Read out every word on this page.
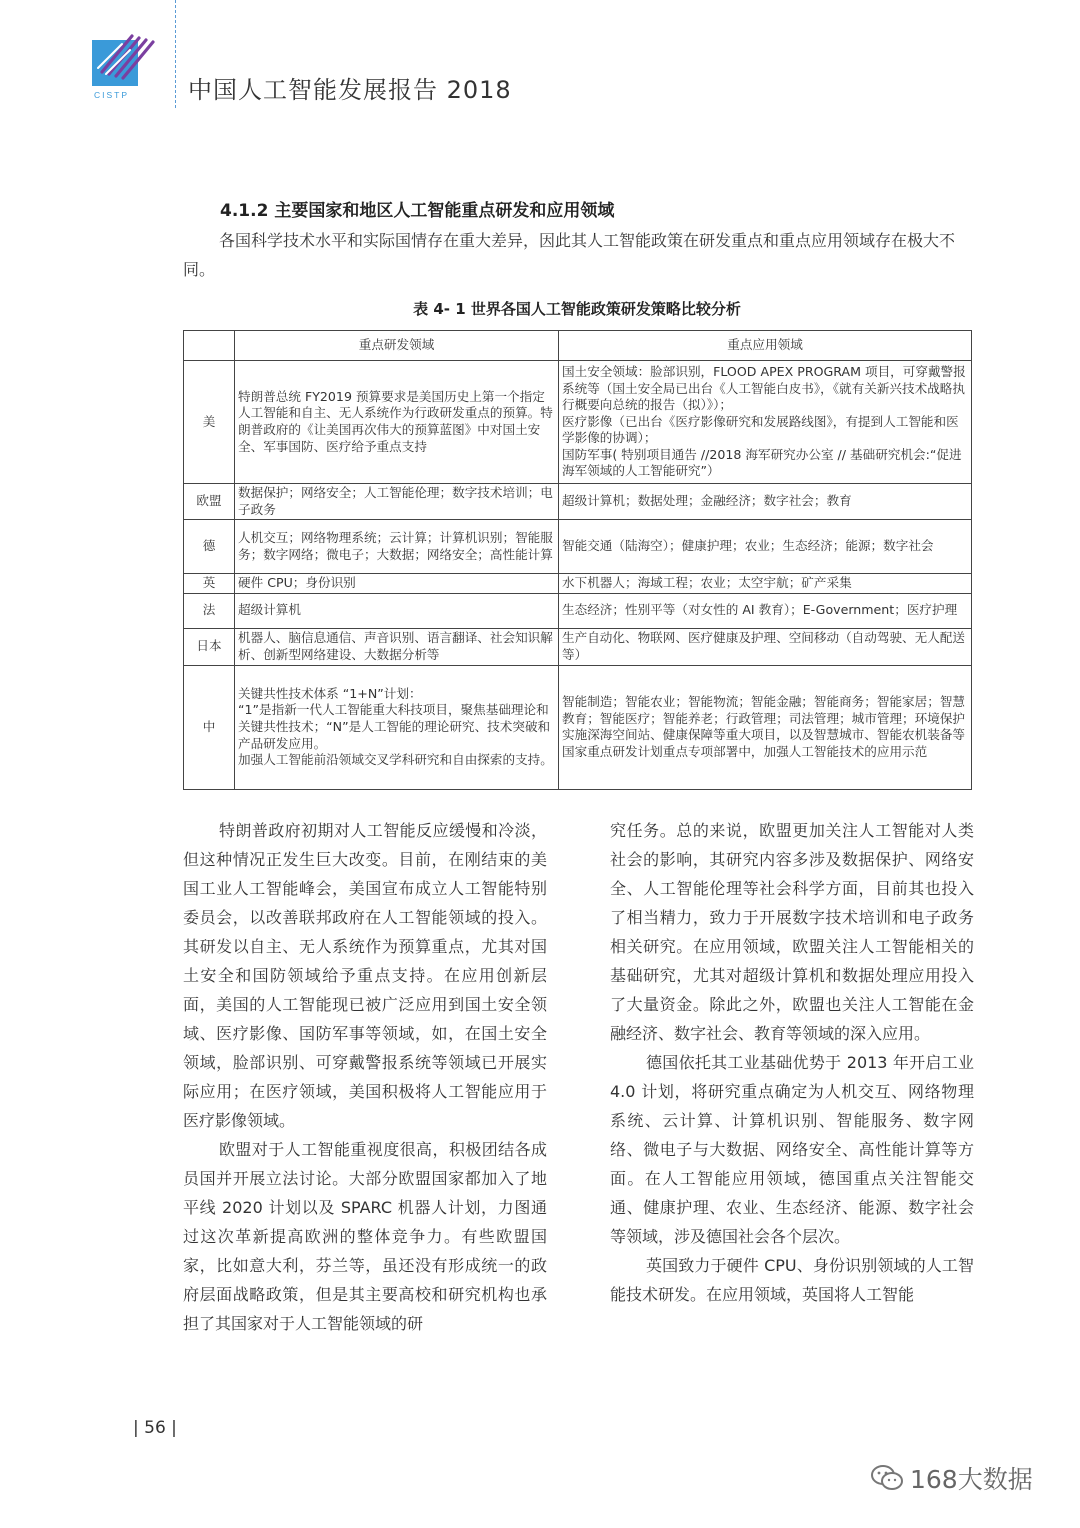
CISTP 中国人工智能发展报告 2018
4.1.2 主要国家和地区人工智能重点研发和应用领域
各国科学技术水平和实际国情存在重大差异，因此其人工智能政策在研发重点和重点应用领域存在极大不同。
表 4- 1 世界各国人工智能政策研发策略比较分析
	重点研发领域	重点应用领域
美	特朗普总统 FY2019 预算要求是美国历史上第一个指定人工智能和自主、无人系统作为行政研发重点的预算。特朗普政府的《让美国再次伟大的预算蓝图》中对国土安全、军事国防、医疗给予重点支持	国土安全领域：脸部识别，FLOOD APEX PROGRAM 项目，可穿戴警报系统等（国土安全局已出台《人工智能白皮书》，《就有关新兴技术战略执行概要向总统的报告（拟）》）；
医疗影像（已出台《医疗影像研究和发展路线图》，有提到人工智能和医学影像的协调）；
国防军事( 特别项目通告 //2018 海军研究办公室 // 基础研究机会:“促进海军领域的人工智能研究”）
欧盟	数据保护；网络安全；人工智能伦理；数字技术培训；电子政务	超级计算机；数据处理；金融经济；数字社会；教育
德	人机交互；网络物理系统；云计算；计算机识别；智能服务；数字网络；微电子；大数据；网络安全；高性能计算	智能交通（陆海空）；健康护理；农业；生态经济；能源；数字社会
英	硬件 CPU；身份识别	水下机器人；海域工程；农业；太空宇航；矿产采集
法	超级计算机	生态经济；性别平等（对女性的 AI 教育）；E-Government；医疗护理
日本	机器人、脑信息通信、声音识别、语言翻译、社会知识解析、创新型网络建设、大数据分析等	生产自动化、物联网、医疗健康及护理、空间移动（自动驾驶、无人配送等）
中	关键共性技术体系 “1+N”计划：
“1”是指新一代人工智能重大科技项目，聚焦基础理论和关键共性技术；“N”是人工智能的理论研究、技术突破和产品研发应用。
加强人工智能前沿领域交叉学科研究和自由探索的支持。	智能制造；智能农业；智能物流；智能金融；智能商务；智能家居；智慧教育；智能医疗；智能养老；行政管理；司法管理；城市管理；环境保护
实施深海空间站、健康保障等重大项目，以及智慧城市、智能农机装备等国家重点研发计划重点专项部署中，加强人工智能技术的应用示范

特朗普政府初期对人工智能反应缓慢和冷淡，但这种情况正发生巨大改变。目前，在刚结束的美国工业人工智能峰会，美国宣布成立人工智能特别委员会，以改善联邦政府在人工智能领域的投入。其研发以自主、无人系统作为预算重点，尤其对国土安全和国防领域给予重点支持。在应用创新层面，美国的人工智能现已被广泛应用到国土安全领域、医疗影像、国防军事等领域，如，在国土安全领域，脸部识别、可穿戴警报系统等领域已开展实际应用；在医疗领域，美国积极将人工智能应用于医疗影像领域。

欧盟对于人工智能重视度很高，积极团结各成员国并开展立法讨论。大部分欧盟国家都加入了地平线 2020 计划以及 SPARC 机器人计划，力图通过这次革新提高欧洲的整体竞争力。有些欧盟国家，比如意大利，芬兰等，虽还没有形成统一的政府层面战略政策，但是其主要高校和研究机构也承担了其国家对于人工智能领域的研

究任务。总的来说，欧盟更加关注人工智能对人类社会的影响，其研究内容多涉及数据保护、网络安全、人工智能伦理等社会科学方面，目前其也投入了相当精力，致力于开展数字技术培训和电子政务相关研究。在应用领域，欧盟关注人工智能相关的基础研究，尤其对超级计算机和数据处理应用投入了大量资金。除此之外，欧盟也关注人工智能在金融经济、数字社会、教育等领域的深入应用。

德国依托其工业基础优势于 2013 年开启工业 4.0 计划，将研究重点确定为人机交互、网络物理系统、云计算、计算机识别、智能服务、数字网络、微电子与大数据、网络安全、高性能计算等方面。在人工智能应用领域，德国重点关注智能交通、健康护理、农业、生态经济、能源、数字社会等领域，涉及德国社会各个层次。

英国致力于硬件 CPU、身份识别领域的人工智能技术研发。在应用领域，英国将人工智能

| 56 |
168大数据
